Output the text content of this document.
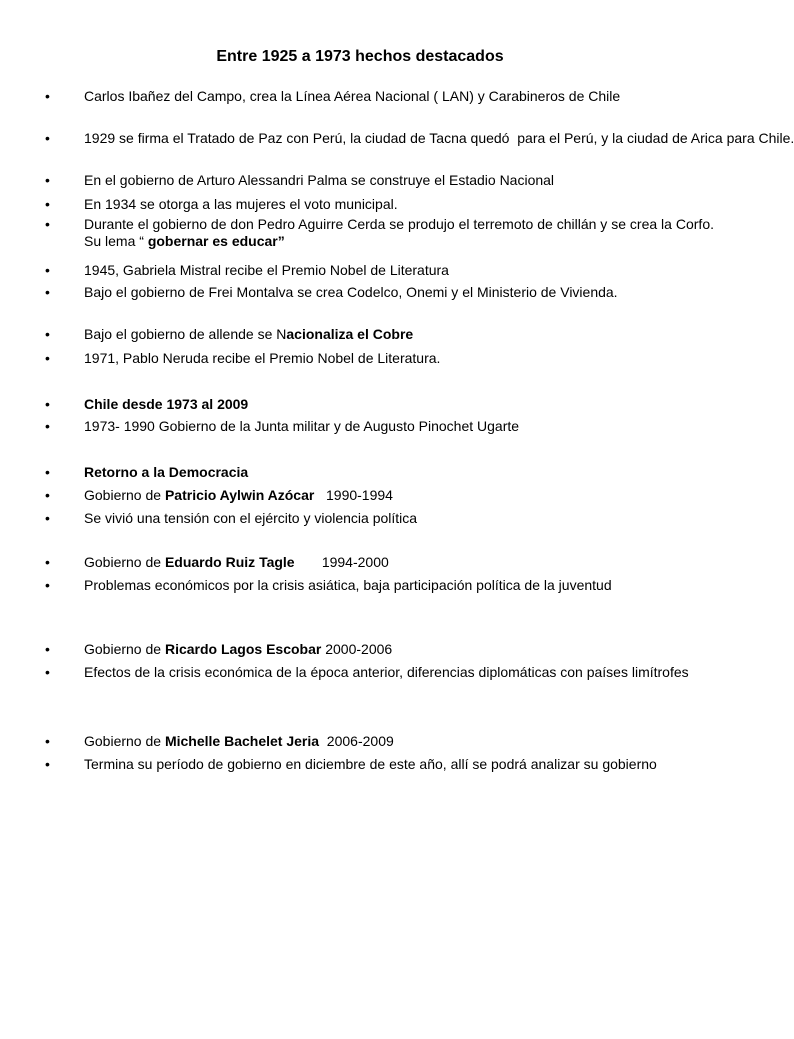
Entre 1925 a 1973 hechos destacados
•	Carlos Ibañez del Campo, crea la Línea Aérea Nacional ( LAN) y Carabineros de Chile
•	1929 se firma el Tratado de Paz con Perú, la ciudad de Tacna quedó  para el Perú, y la ciudad de Arica para Chile.
•	En el gobierno de Arturo Alessandri Palma se construye el Estadio Nacional
•	En 1934 se otorga a las mujeres el voto municipal.
•	Durante el gobierno de don Pedro Aguirre Cerda se produjo el terremoto de chillán y se crea la Corfo. Su lema “ gobernar es educar”
•	1945, Gabriela Mistral recibe el Premio Nobel de Literatura
•	Bajo el gobierno de Frei Montalva se crea Codelco, Onemi y el Ministerio de Vivienda.
•	Bajo el gobierno de allende se Nacionaliza el Cobre
•	1971, Pablo Neruda recibe el Premio Nobel de Literatura.
•	Chile desde 1973 al 2009
•	1973- 1990 Gobierno de la Junta militar y de Augusto Pinochet Ugarte
•	Retorno a la Democracia
•	Gobierno de Patricio Aylwin Azócar   1990-1994
•	Se vivió una tensión con el ejército y violencia política
•	Gobierno de Eduardo Ruiz Tagle       1994-2000
•	Problemas económicos por la crisis asiática, baja participación política de la juventud
•	Gobierno de Ricardo Lagos Escobar 2000-2006
•	Efectos de la crisis económica de la época anterior, diferencias diplomáticas con países limítrofes
•	Gobierno de Michelle Bachelet Jeria  2006-2009
•	Termina su período de gobierno en diciembre de este año, allí se podrá analizar su gobierno
